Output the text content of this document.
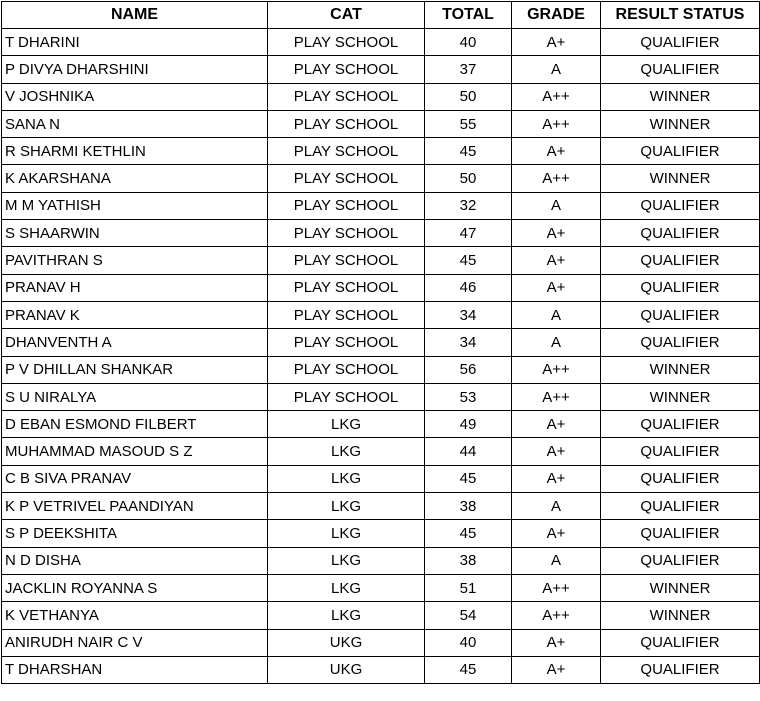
NAME	CAT	TOTAL	GRADE	RESULT STATUS
T DHARINI	PLAY SCHOOL	40	A+	QUALIFIER
P DIVYA DHARSHINI	PLAY SCHOOL	37	A	QUALIFIER
V JOSHNIKA	PLAY SCHOOL	50	A++	WINNER
SANA N	PLAY SCHOOL	55	A++	WINNER
R SHARMI KETHLIN	PLAY SCHOOL	45	A+	QUALIFIER
K AKARSHANA	PLAY SCHOOL	50	A++	WINNER
M M YATHISH	PLAY SCHOOL	32	A	QUALIFIER
S SHAARWIN	PLAY SCHOOL	47	A+	QUALIFIER
PAVITHRAN S	PLAY SCHOOL	45	A+	QUALIFIER
PRANAV H	PLAY SCHOOL	46	A+	QUALIFIER
PRANAV K	PLAY SCHOOL	34	A	QUALIFIER
DHANVENTH A	PLAY SCHOOL	34	A	QUALIFIER
P V DHILLAN SHANKAR	PLAY SCHOOL	56	A++	WINNER
S U NIRALYA	PLAY SCHOOL	53	A++	WINNER
D EBAN ESMOND FILBERT	LKG	49	A+	QUALIFIER
MUHAMMAD MASOUD S Z	LKG	44	A+	QUALIFIER
C B SIVA PRANAV	LKG	45	A+	QUALIFIER
K P VETRIVEL PAANDIYAN	LKG	38	A	QUALIFIER
S P DEEKSHITA	LKG	45	A+	QUALIFIER
N D DISHA	LKG	38	A	QUALIFIER
JACKLIN ROYANNA S	LKG	51	A++	WINNER
K VETHANYA	LKG	54	A++	WINNER
ANIRUDH NAIR C V	UKG	40	A+	QUALIFIER
T DHARSHAN	UKG	45	A+	QUALIFIER
